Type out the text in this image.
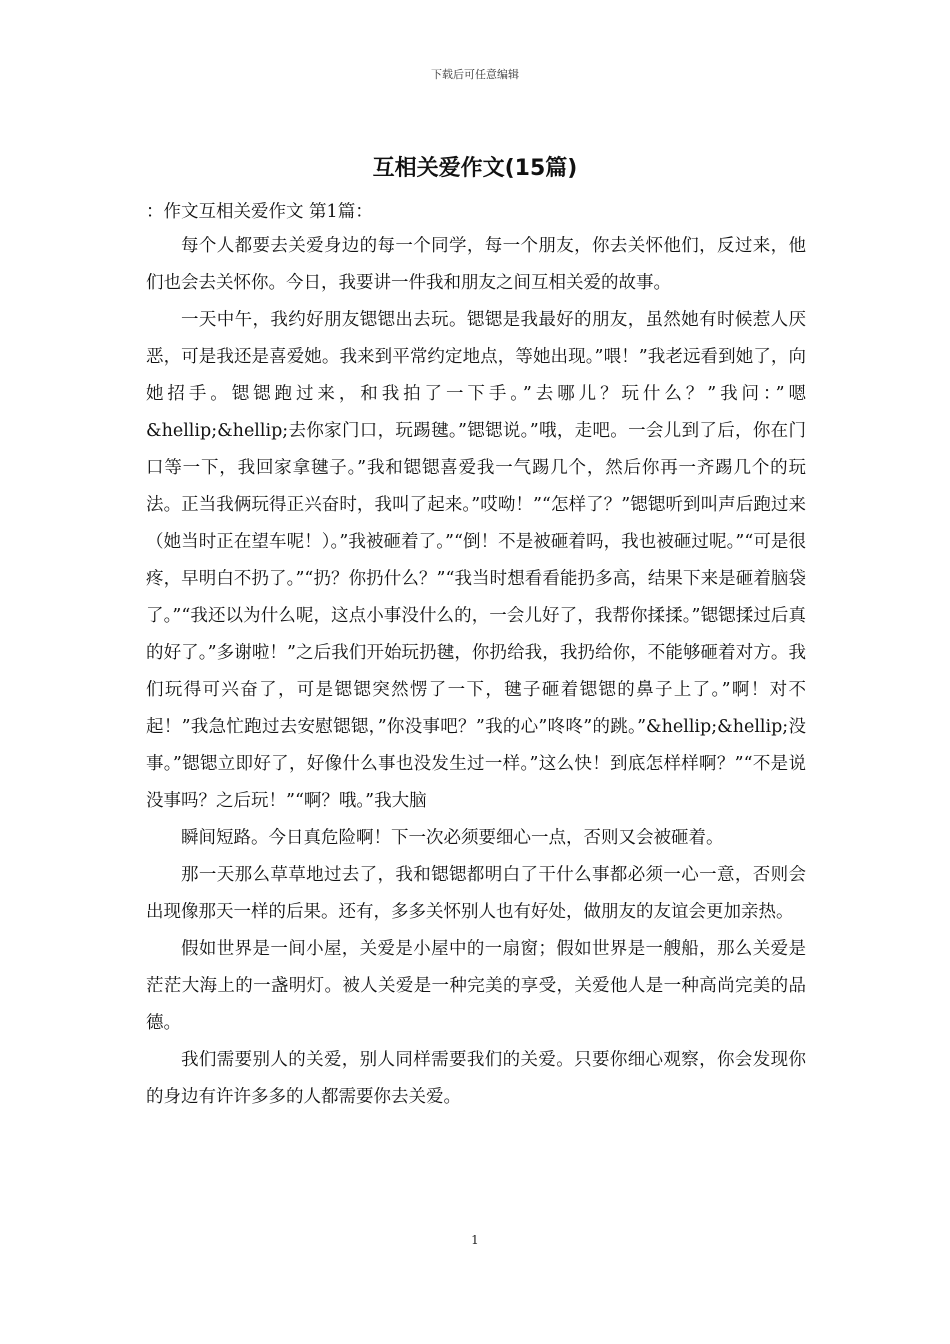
下载后可任意编辑
互相关爱作文(15篇)

：作文互相关爱作文 第1篇：

每个人都要去关爱身边的每一个同学，每一个朋友，你去关怀他们，反过来，他们也会去关怀你。今日，我要讲一件我和朋友之间互相关爱的故事。

一天中午，我约好朋友锶锶出去玩。锶锶是我最好的朋友，虽然她有时候惹人厌恶，可是我还是喜爱她。我来到平常约定地点，等她出现。”喂！”我老远看到她了，向她招手。锶锶跑过来，和我拍了一下手。”去哪儿？玩什么？”我问：”嗯&hellip;&hellip;去你家门口，玩踢毽。”锶锶说。”哦，走吧。一会儿到了后，你在门口等一下，我回家拿毽子。”我和锶锶喜爱我一气踢几个，然后你再一齐踢几个的玩法。正当我俩玩得正兴奋时，我叫了起来。”哎呦！”“怎样了？”锶锶听到叫声后跑过来（她当时正在望车呢！）。”我被砸着了。”“倒！不是被砸着吗，我也被砸过呢。”“可是很疼，早明白不扔了。”“扔？你扔什么？”“我当时想看看能扔多高，结果下来是砸着脑袋了。”“我还以为什么呢，这点小事没什么的，一会儿好了，我帮你揉揉。”锶锶揉过后真的好了。”多谢啦！”之后我们开始玩扔毽，你扔给我，我扔给你，不能够砸着对方。我们玩得可兴奋了，可是锶锶突然愣了一下，毽子砸着锶锶的鼻子上了。”啊！对不起！”我急忙跑过去安慰锶锶，”你没事吧？”我的心”咚咚”的跳。”&hellip;&hellip;没事。”锶锶立即好了，好像什么事也没发生过一样。”这么快！到底怎样样啊？”“不是说没事吗？之后玩！”“啊？哦。”我大脑

瞬间短路。今日真危险啊！下一次必须要细心一点，否则又会被砸着。

那一天那么草草地过去了，我和锶锶都明白了干什么事都必须一心一意，否则会出现像那天一样的后果。还有，多多关怀别人也有好处，做朋友的友谊会更加亲热。

假如世界是一间小屋，关爱是小屋中的一扇窗；假如世界是一艘船，那么关爱是茫茫大海上的一盏明灯。被人关爱是一种完美的享受，关爱他人是一种高尚完美的品德。

我们需要别人的关爱，别人同样需要我们的关爱。只要你细心观察，你会发现你的身边有许许多多的人都需要你去关爱。

1
